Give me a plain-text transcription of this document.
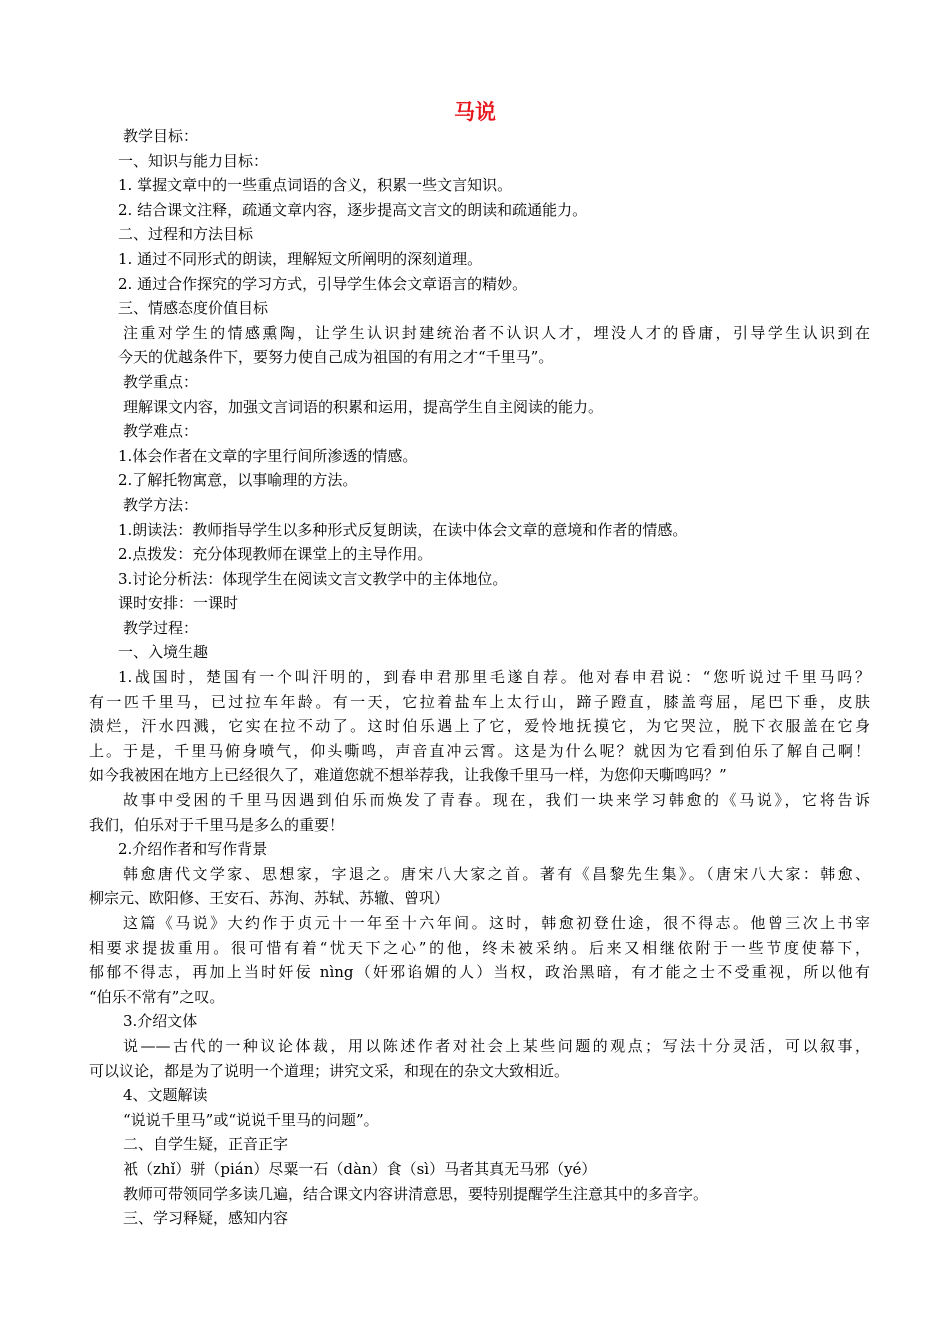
马说
教学目标：
一、知识与能力目标：
1. 掌握文章中的一些重点词语的含义，积累一些文言知识。
2. 结合课文注释，疏通文章内容，逐步提高文言文的朗读和疏通能力。
二、过程和方法目标
1. 通过不同形式的朗读，理解短文所阐明的深刻道理。
2. 通过合作探究的学习方式，引导学生体会文章语言的精妙。
三、情感态度价值目标
注重对学生的情感熏陶，让学生认识封建统治者不认识人才，埋没人才的昏庸，引导学生认识到在
今天的优越条件下，要努力使自己成为祖国的有用之才“千里马”。
教学重点：
理解课文内容，加强文言词语的积累和运用，提高学生自主阅读的能力。
教学难点：
1.体会作者在文章的字里行间所渗透的情感。
2.了解托物寓意，以事喻理的方法。
教学方法：
1.朗读法：教师指导学生以多种形式反复朗读，在读中体会文章的意境和作者的情感。
2.点拨发：充分体现教师在课堂上的主导作用。
3.讨论分析法：体现学生在阅读文言文教学中的主体地位。
课时安排：一课时
教学过程：
一、入境生趣
1.战国时，楚国有一个叫汗明的，到春申君那里毛遂自荐。他对春申君说：“您听说过千里马吗？
有一匹千里马，已过拉车年龄。有一天，它拉着盐车上太行山，蹄子蹬直，膝盖弯屈，尾巴下垂，皮肤
溃烂，汗水四溅，它实在拉不动了。这时伯乐遇上了它，爱怜地抚摸它，为它哭泣，脱下衣服盖在它身
上。于是，千里马俯身喷气，仰头嘶鸣，声音直冲云霄。这是为什么呢？就因为它看到伯乐了解自己啊！
如今我被困在地方上已经很久了，难道您就不想举荐我，让我像千里马一样，为您仰天嘶鸣吗？”
故事中受困的千里马因遇到伯乐而焕发了青春。现在，我们一块来学习韩愈的《马说》，它将告诉
我们，伯乐对于千里马是多么的重要！
2.介绍作者和写作背景
韩愈唐代文学家、思想家，字退之。唐宋八大家之首。著有《昌黎先生集》。（唐宋八大家：韩愈、
柳宗元、欧阳修、王安石、苏洵、苏轼、苏辙、曾巩）
这篇《马说》大约作于贞元十一年至十六年间。这时，韩愈初登仕途，很不得志。他曾三次上书宰
相要求提拔重用。很可惜有着“忧天下之心”的他，终未被采纳。后来又相继依附于一些节度使幕下，
郁郁不得志，再加上当时奸佞 nìng（奸邪谄媚的人）当权，政治黑暗，有才能之士不受重视，所以他有
“伯乐不常有”之叹。
3.介绍文体
说——古代的一种议论体裁，用以陈述作者对社会上某些问题的观点；写法十分灵活，可以叙事，
可以议论，都是为了说明一个道理；讲究文采，和现在的杂文大致相近。
4、文题解读
“说说千里马”或“说说千里马的问题”。
二、自学生疑，正音正字
衹（zhǐ）骈（pián）尽粟一石（dàn）食（sì）马者其真无马邪（yé）
教师可带领同学多读几遍，结合课文内容讲清意思，要特别提醒学生注意其中的多音字。
三、学习释疑，感知内容
